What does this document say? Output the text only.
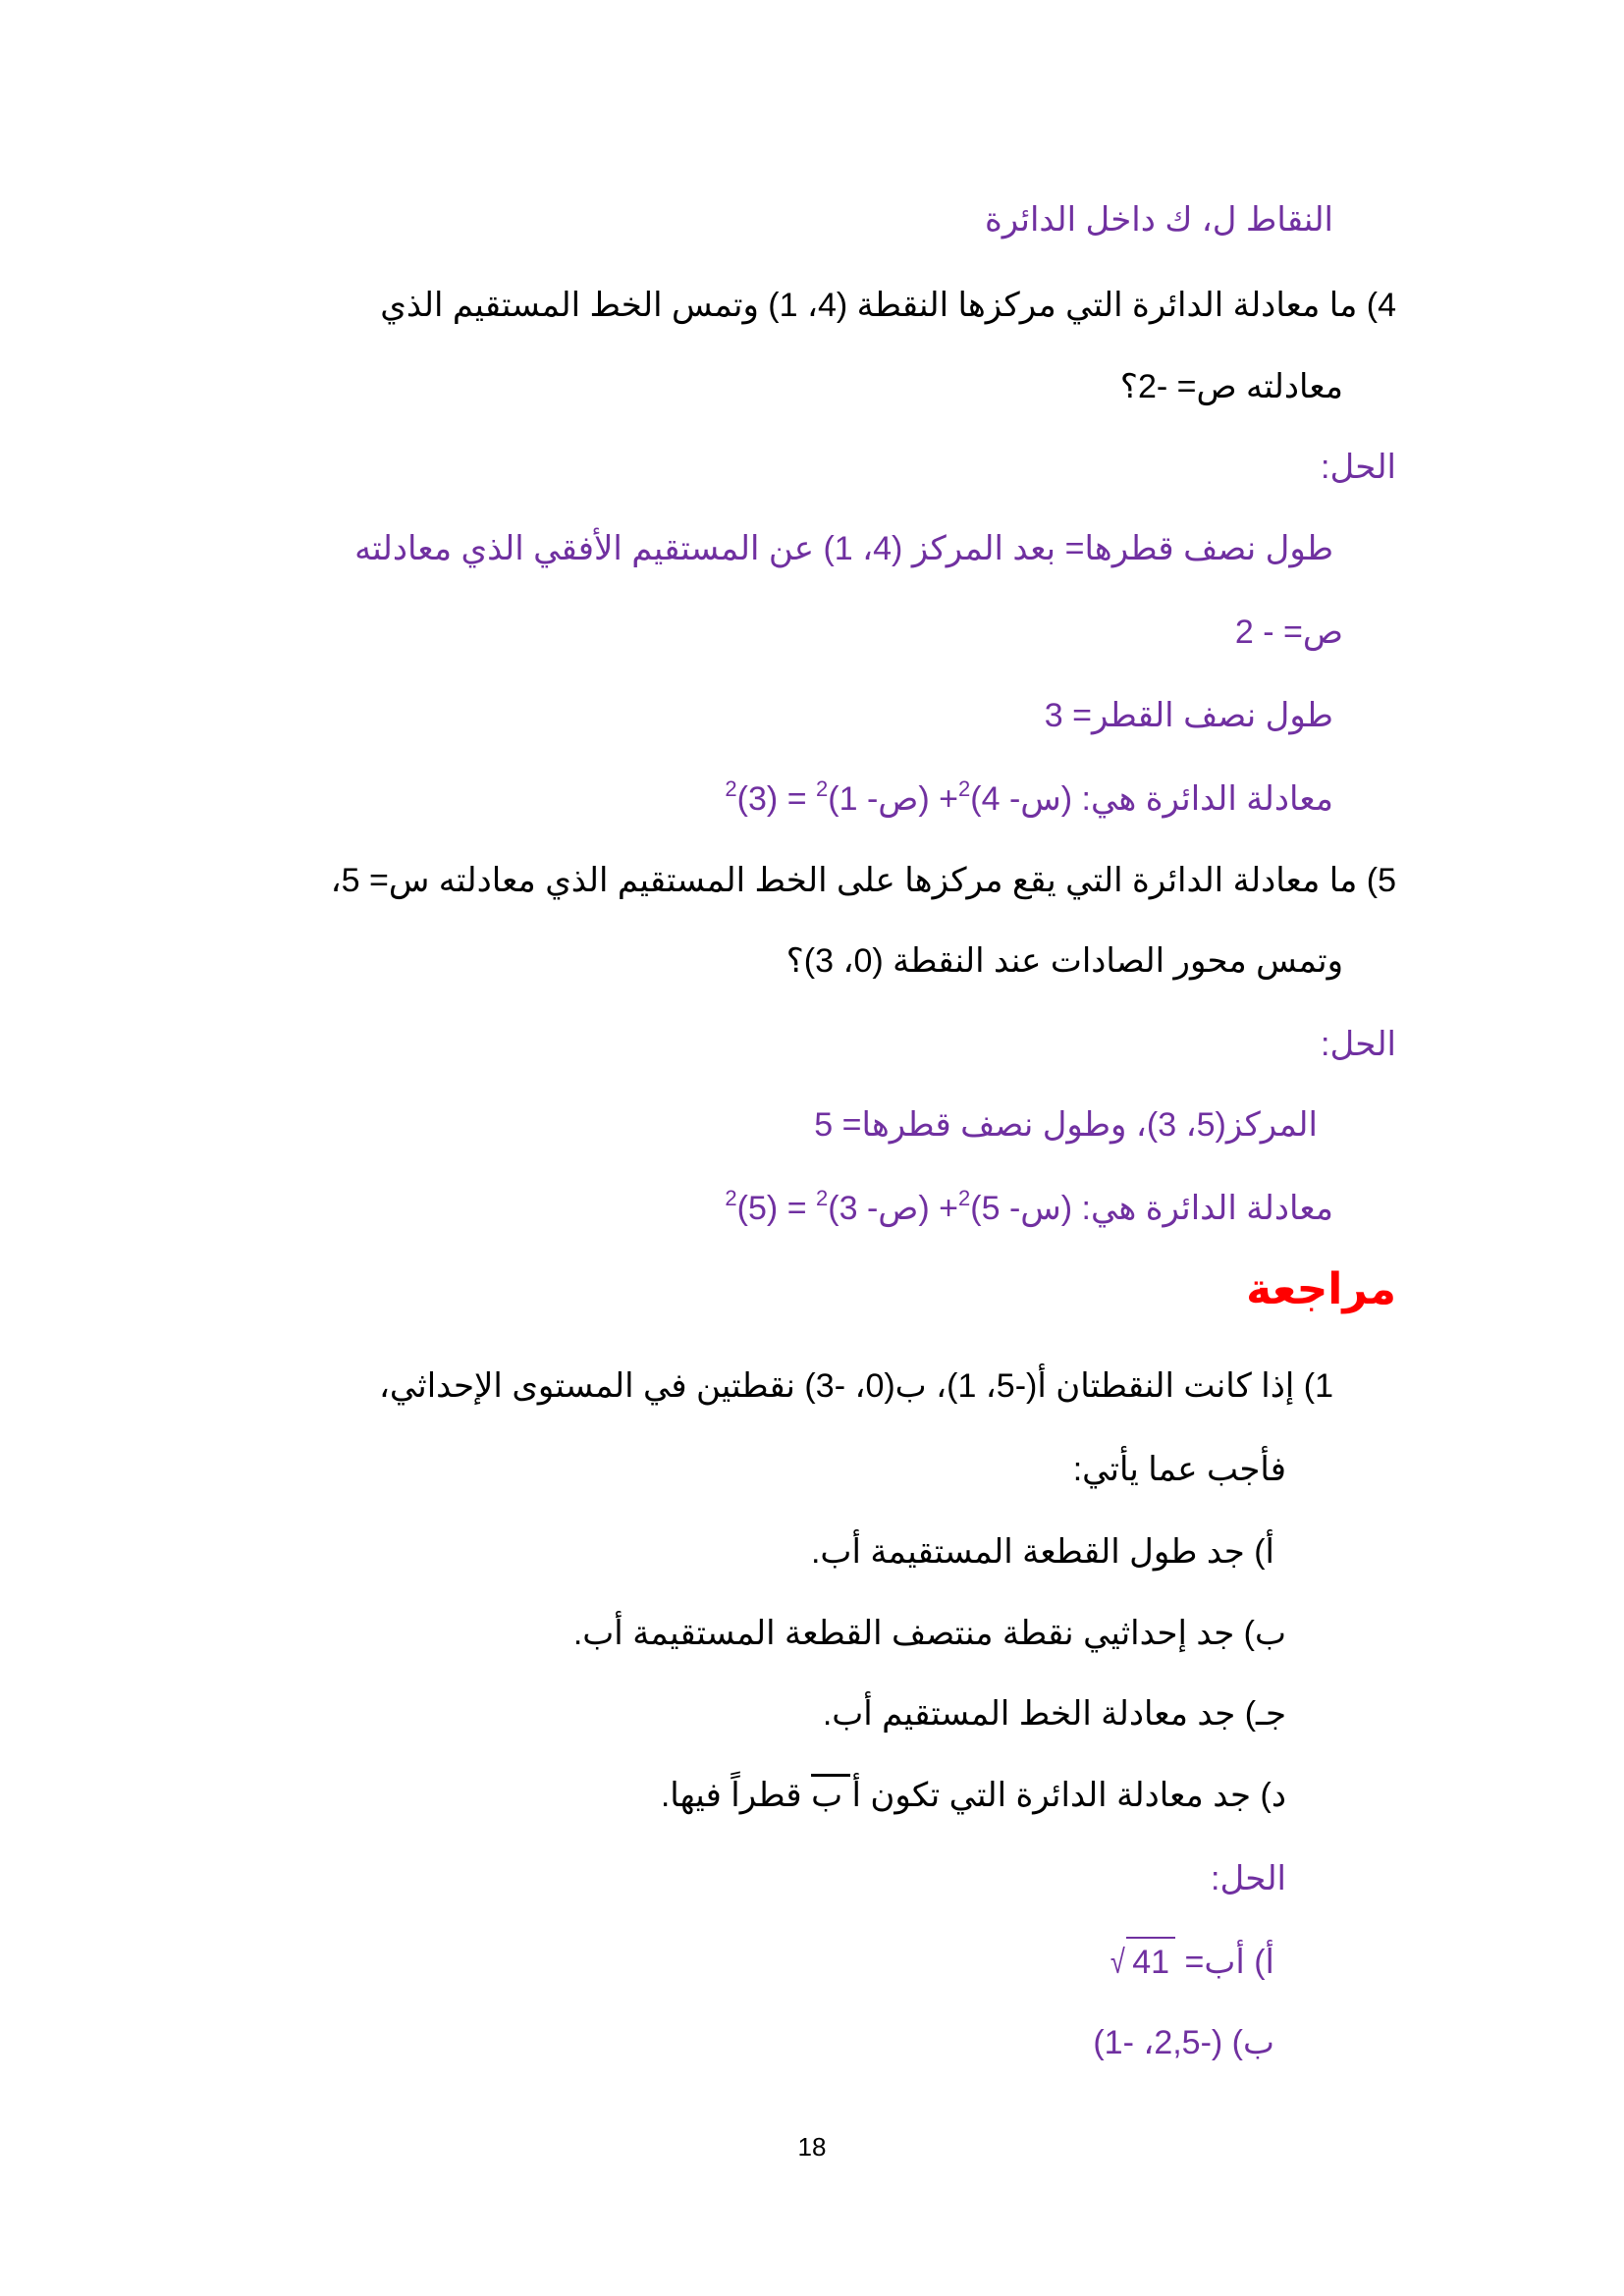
النقاط ل، ك داخل الدائرة

4) ما معادلة الدائرة التي مركزها النقطة (4، 1) وتمس الخط المستقيم الذي

معادلته ص= -2؟

الحل:

طول نصف قطرها= بعد المركز (4، 1) عن المستقيم الأفقي الذي معادلته

ص= - 2

طول نصف القطر= 3

معادلة الدائرة هي: (س- 4)$^2$+ (ص- $1)^2 = (3)^2$

5) ما معادلة الدائرة التي يقع مركزها على الخط المستقيم الذي معادلته س= 5،

وتمس محور الصادات عند النقطة (0، 3)؟

الحل:

المركز(5، 3)، وطول نصف قطرها= 5

معادلة الدائرة هي: (س- 5)$^2$+ (ص- $3)^2 = (5)^2$

مراجعة

1) إذا كانت النقطتان أ(-5، 1)، ب(0، -3) نقطتين في المستوى الإحداثي،

فأجب عما يأتي:

أ) جد طول القطعة المستقيمة أب.

ب) جد إحداثيي نقطة منتصف القطعة المستقيمة أب.

جـ) جد معادلة الخط المستقيم أب.

د) جد معادلة الدائرة التي تكون أ ب قطراً فيها.

الحل:

أ) أب= √ 41

ب) (-2,5، -1)

18
